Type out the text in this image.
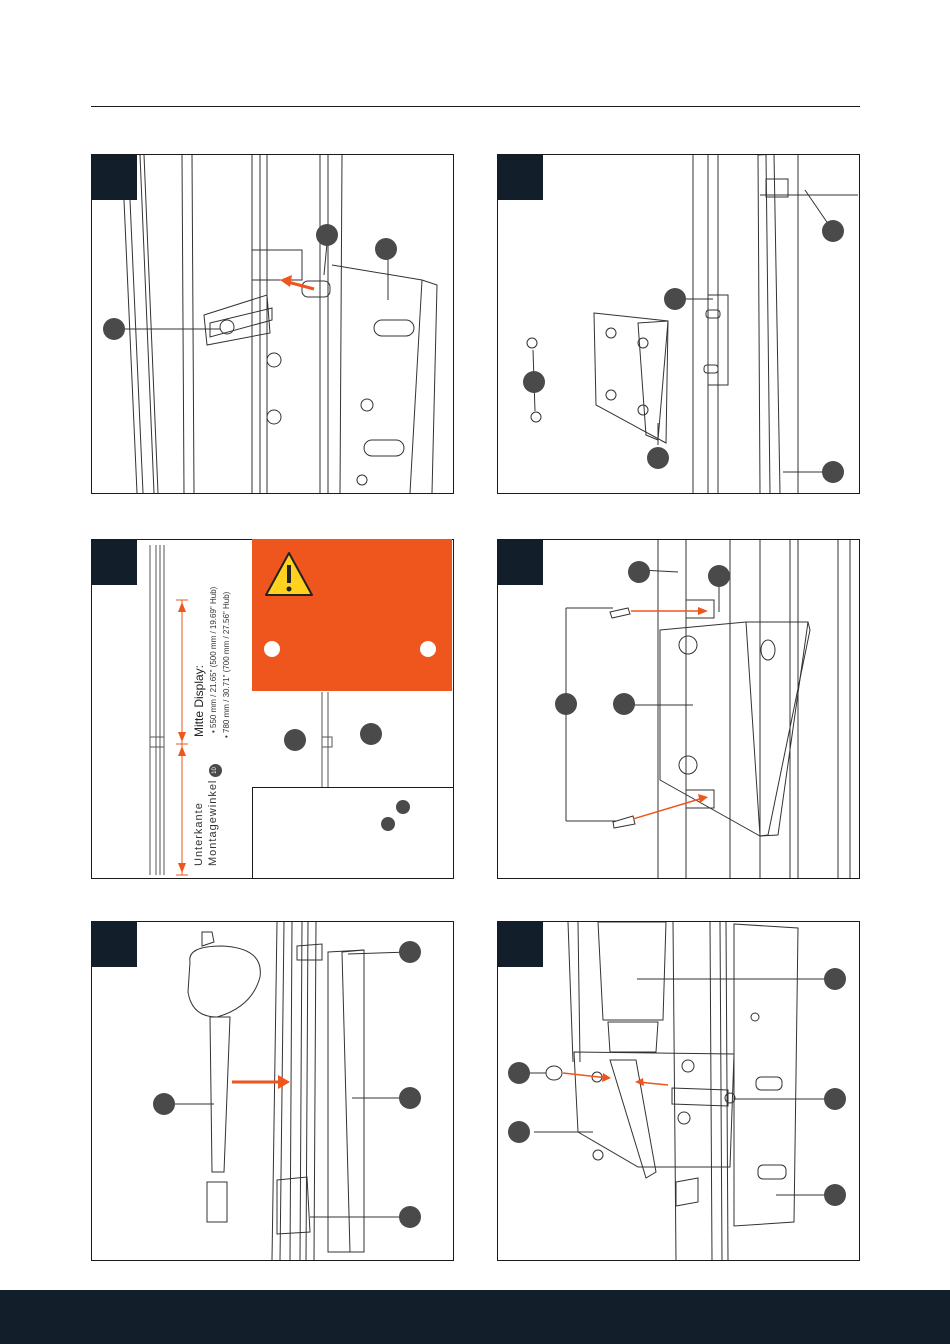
Mitte Display: • 550 mm / 21.65" (500 mm / 19.69" Hub) • 780 mm / 30.71" (700 mm / 27.56" Hub)
Unterkante Montagewinkel
10
